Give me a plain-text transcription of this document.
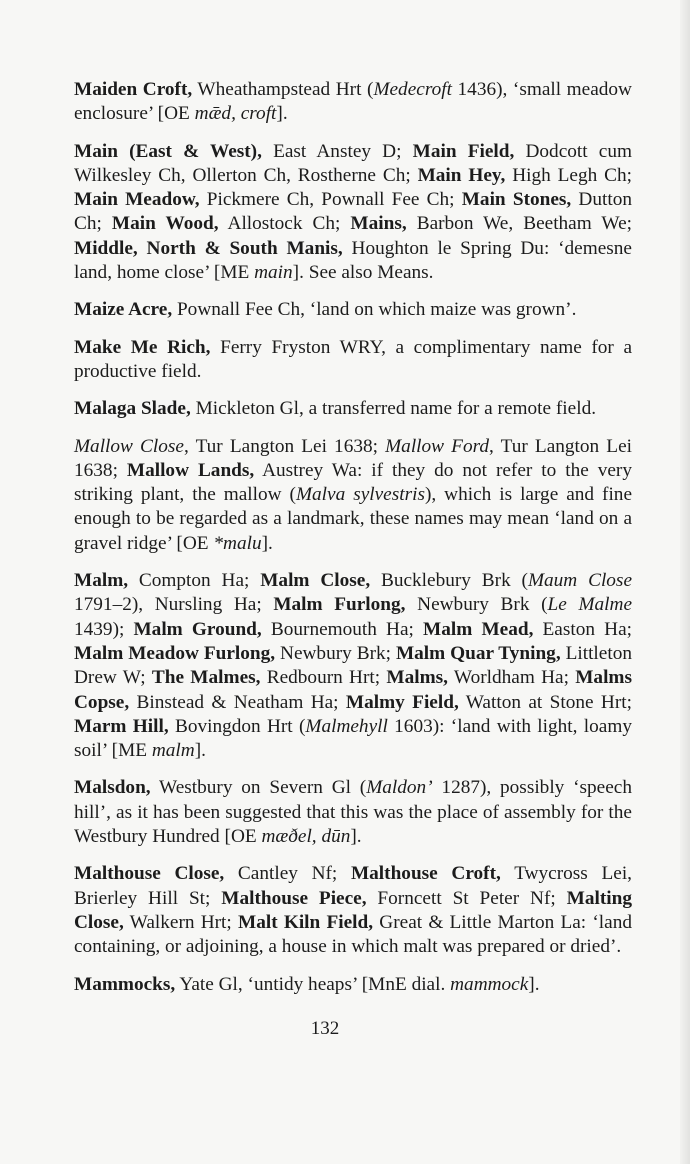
Maiden Croft, Wheathampstead Hrt (Medecroft 1436), ‘small meadow enclosure’ [OE mǣd, croft].

Main (East & West), East Anstey D; Main Field, Dodcott cum Wilkesley Ch, Ollerton Ch, Rostherne Ch; Main Hey, High Legh Ch; Main Meadow, Pickmere Ch, Pownall Fee Ch; Main Stones, Dutton Ch; Main Wood, Allostock Ch; Mains, Barbon We, Beetham We; Middle, North & South Manis, Houghton le Spring Du: ‘demesne land, home close’ [ME main]. See also Means.

Maize Acre, Pownall Fee Ch, ‘land on which maize was grown’.

Make Me Rich, Ferry Fryston WRY, a complimentary name for a productive field.

Malaga Slade, Mickleton Gl, a transferred name for a remote field.

Mallow Close, Tur Langton Lei 1638; Mallow Ford, Tur Langton Lei 1638; Mallow Lands, Austrey Wa: if they do not refer to the very striking plant, the mallow (Malva sylvestris), which is large and fine enough to be regarded as a landmark, these names may mean ‘land on a gravel ridge’ [OE *malu].

Malm, Compton Ha; Malm Close, Bucklebury Brk (Maum Close 1791–2), Nursling Ha; Malm Furlong, Newbury Brk (Le Malme 1439); Malm Ground, Bournemouth Ha; Malm Mead, Easton Ha; Malm Meadow Furlong, Newbury Brk; Malm Quar Tyning, Littleton Drew W; The Malmes, Redbourn Hrt; Malms, Worldham Ha; Malms Copse, Binstead & Neatham Ha; Malmy Field, Watton at Stone Hrt; Marm Hill, Bovingdon Hrt (Malmehyll 1603): ‘land with light, loamy soil’ [ME malm].

Malsdon, Westbury on Severn Gl (Maldon’ 1287), possibly ‘speech hill’, as it has been suggested that this was the place of assembly for the Westbury Hundred [OE mæðel, dūn].

Malthouse Close, Cantley Nf; Malthouse Croft, Twycross Lei, Brierley Hill St; Malthouse Piece, Forncett St Peter Nf; Malting Close, Walkern Hrt; Malt Kiln Field, Great & Little Marton La: ‘land containing, or adjoining, a house in which malt was prepared or dried’.

Mammocks, Yate Gl, ‘untidy heaps’ [MnE dial. mammock].

132
